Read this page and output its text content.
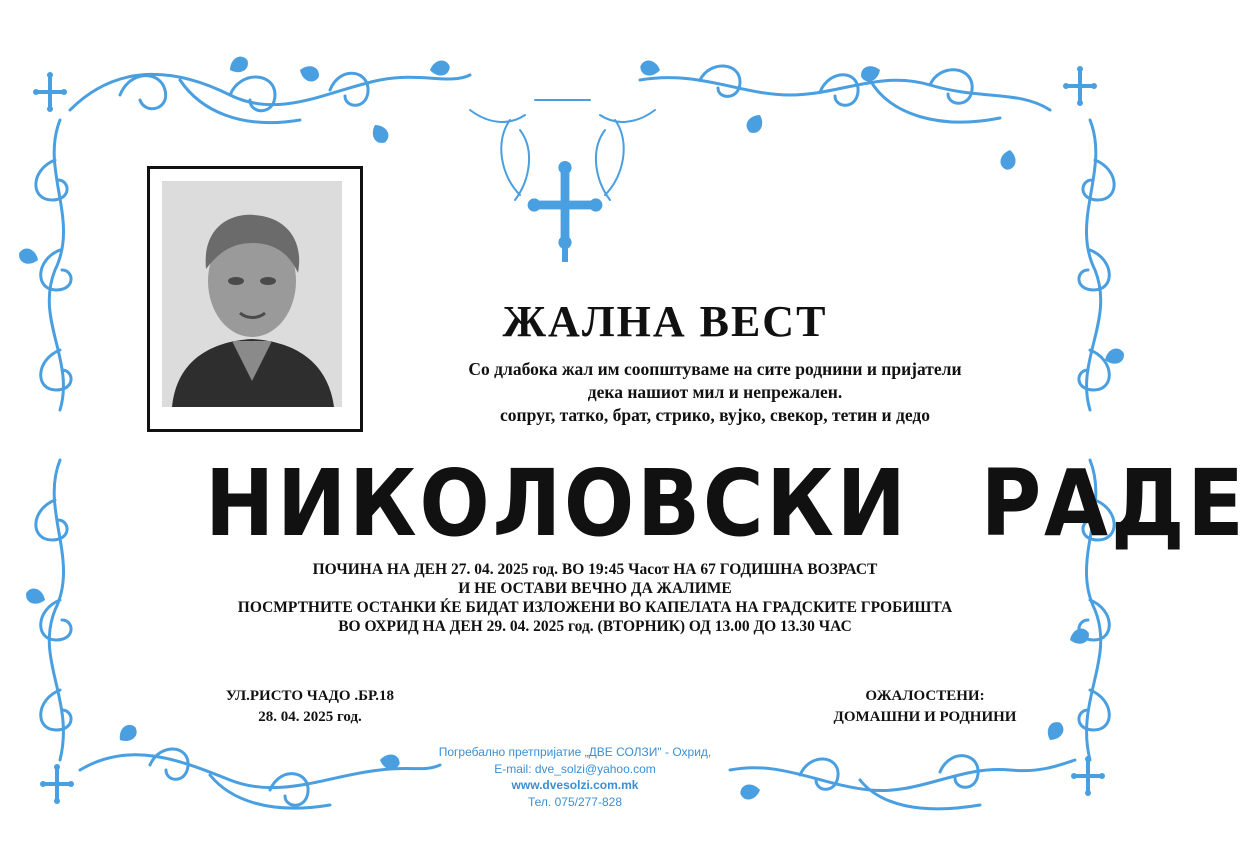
ЖАЛНА ВЕСТ
Со длабока жал им соопштуваме на сите роднини и пријатели
дека нашиот мил и непрежален.
сопруг, татко, брат, стрико, вујко, свекор, тетин и дедо
НИКОЛОВСКИ РАДЕ
ПОЧИНА НА ДЕН 27. 04. 2025 год. ВО 19:45 Часот НА 67 ГОДИШНА ВОЗРАСТ
И НЕ ОСТАВИ ВЕЧНО ДА ЖАЛИМЕ
ПОСМРТНИТЕ ОСТАНКИ ЌЕ БИДАТ ИЗЛОЖЕНИ ВО КАПЕЛАТА НА ГРАДСКИТЕ ГРОБИШТА
ВО ОХРИД НА ДЕН 29. 04. 2025 год. (ВТОРНИК) ОД 13.00 ДО 13.30 ЧАС
УЛ.РИСТО ЧАДО .БР.18
28. 04. 2025 год.
ОЖАЛОСТЕНИ:
ДОМАШНИ И РОДНИНИ
Погребално претпријатие „ДВЕ СОЛЗИ" - Охрид,
E-mail: dve_solzi@yahoo.com
www.dvesolzi.com.mk
Тел. 075/277-828
